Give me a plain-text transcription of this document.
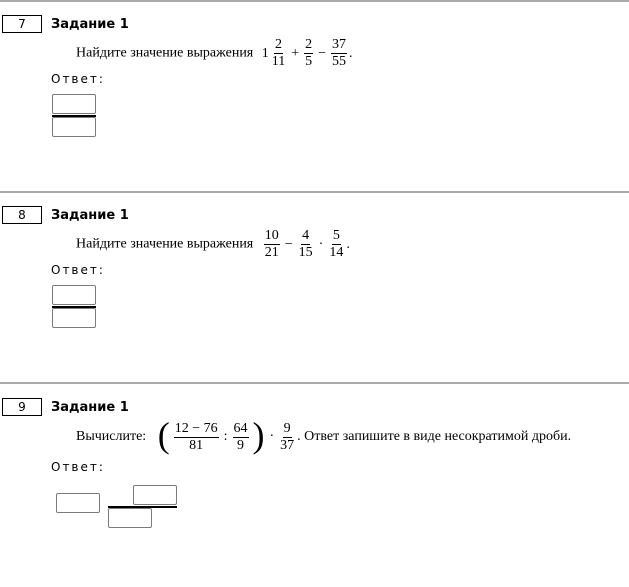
7	Задание 1
Найдите значение выражения $1 \frac{2}{11} + \frac{2}{5} - \frac{37}{55}$ .
Ответ:
8	Задание 1
Найдите значение выражения $\frac{10}{21} - \frac{4}{15} \cdot \frac{5}{14}$ .
Ответ:
9	Задание 1
Вычислите: ( $\frac{12 - 76}{81}$ : $\frac{64}{9}$ ) · $\frac{9}{37}$ . Ответ запишите в виде несократимой дроби.
Ответ:
